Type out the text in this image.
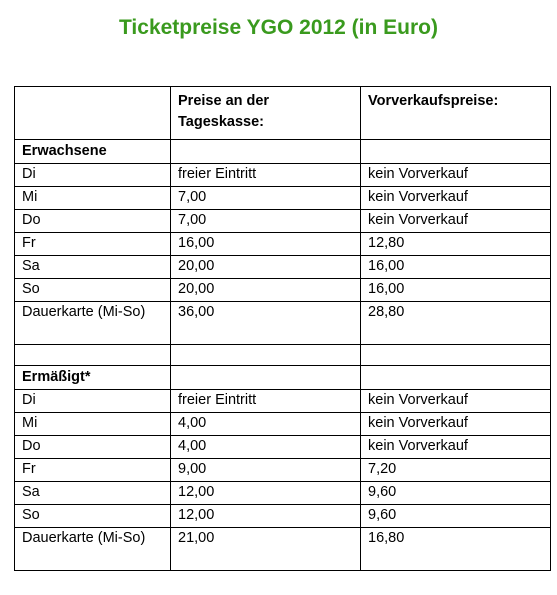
Ticketpreise YGO 2012 (in Euro)
	Preise an der Tageskasse:	Vorverkaufspreise:
Erwachsene		
Di	freier Eintritt	kein Vorverkauf
Mi	7,00	kein Vorverkauf
Do	7,00	kein Vorverkauf
Fr	16,00	12,80
Sa	20,00	16,00
So	20,00	16,00
Dauerkarte (Mi-So)	36,00	28,80

Ermäßigt*		
Di	freier Eintritt	kein Vorverkauf
Mi	4,00	kein Vorverkauf
Do	4,00	kein Vorverkauf
Fr	9,00	7,20
Sa	12,00	9,60
So	12,00	9,60
Dauerkarte (Mi-So)	21,00	16,80
